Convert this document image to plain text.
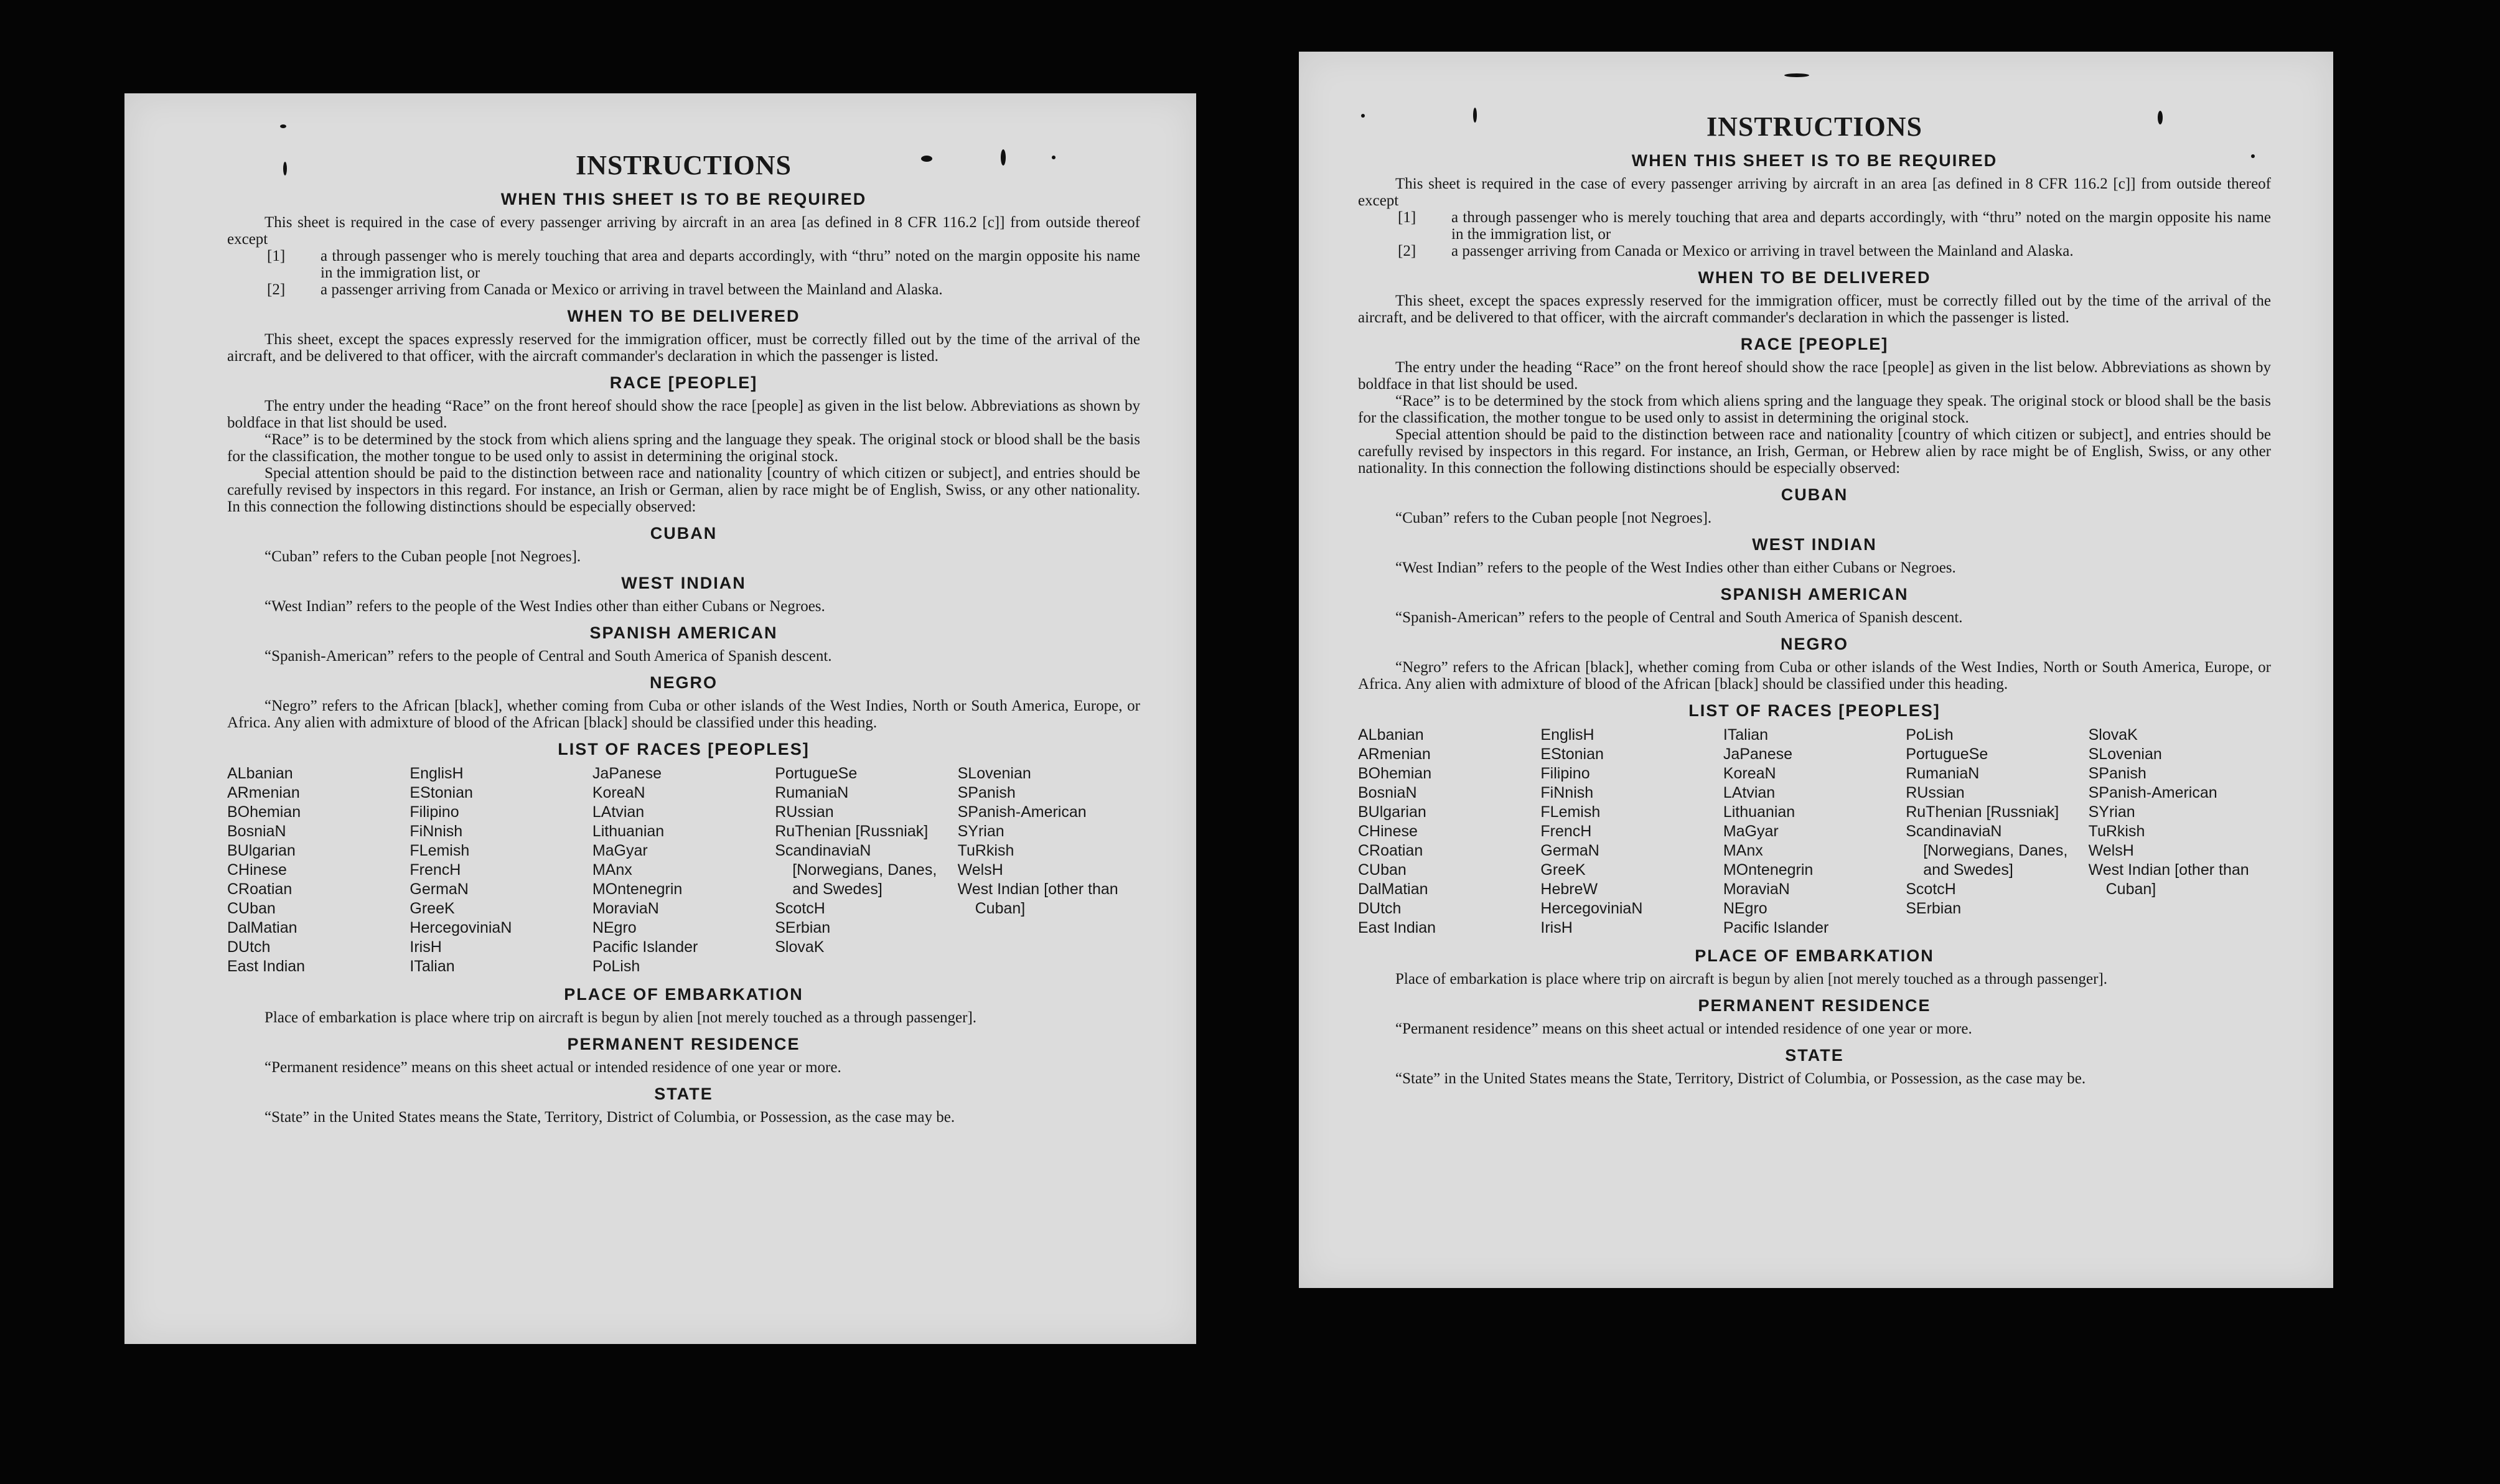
INSTRUCTIONS
WHEN THIS SHEET IS TO BE REQUIRED

This sheet is required in the case of every passenger arriving by aircraft in an area [as defined in 8 CFR 116.2 [c]] from outside thereof except

[1] a through passenger who is merely touching that area and departs accordingly, with “thru” noted on the margin opposite his name in the immigration list, or
[2] a passenger arriving from Canada or Mexico or arriving in travel between the Mainland and Alaska.
WHEN TO BE DELIVERED

This sheet, except the spaces expressly reserved for the immigration officer, must be correctly filled out by the time of the arrival of the aircraft, and be delivered to that officer, with the aircraft commander's declaration in which the passenger is listed.

RACE [PEOPLE]

The entry under the heading “Race” on the front hereof should show the race [people] as given in the list below. Abbreviations as shown by boldface in that list should be used.

“Race” is to be determined by the stock from which aliens spring and the language they speak. The original stock or blood shall be the basis for the classification, the mother tongue to be used only to assist in determining the original stock.

Special attention should be paid to the distinction between race and nationality [country of which citizen or subject], and entries should be carefully revised by inspectors in this regard. For instance, an Irish or German, alien by race might be of English, Swiss, or any other nationality. In this connection the following distinctions should be especially observed:

CUBAN

“Cuban” refers to the Cuban people [not Negroes].

WEST INDIAN

“West Indian” refers to the people of the West Indies other than either Cubans or Negroes.

SPANISH AMERICAN

“Spanish-American” refers to the people of Central and South America of Spanish descent.

NEGRO

“Negro” refers to the African [black], whether coming from Cuba or other islands of the West Indies, North or South America, Europe, or Africa. Any alien with admixture of blood of the African [black] should be classified under this heading.

LIST OF RACES [PEOPLES]
ALbanian
ARmenian
BOhemian
BosniaN
BUlgarian
CHinese
CRoatian
CUban
DalMatian
DUtch
East Indian
EnglisH
EStonian
Filipino
FiNnish
FLemish
FrencH
GermaN
GreeK
HercegoviniaN
IrisH
ITalian
JaPanese
KoreaN
LAtvian
Lithuanian
MaGyar
MAnx
MOntenegrin
MoraviaN
NEgro
Pacific Islander
PoLish
PortugueSe
RumaniaN
RUssian
RuThenian [Russniak]
ScandinaviaN [Norwegians, Danes, and Swedes]
ScotcH
SErbian
SlovaK
SLovenian
SPanish
SPanish-American
SYrian
TuRkish
WelsH
West Indian [other than Cuban]
PLACE OF EMBARKATION

Place of embarkation is place where trip on aircraft is begun by alien [not merely touched as a through passenger].

PERMANENT RESIDENCE

“Permanent residence” means on this sheet actual or intended residence of one year or more.

STATE

“State” in the United States means the State, Territory, District of Columbia, or Possession, as the case may be.

INSTRUCTIONS
WHEN THIS SHEET IS TO BE REQUIRED

This sheet is required in the case of every passenger arriving by aircraft in an area [as defined in 8 CFR 116.2 [c]] from outside thereof except

[1] a through passenger who is merely touching that area and departs accordingly, with “thru” noted on the margin opposite his name in the immigration list, or
[2] a passenger arriving from Canada or Mexico or arriving in travel between the Mainland and Alaska.
WHEN TO BE DELIVERED

This sheet, except the spaces expressly reserved for the immigration officer, must be correctly filled out by the time of the arrival of the aircraft, and be delivered to that officer, with the aircraft commander's declaration in which the passenger is listed.

RACE [PEOPLE]

The entry under the heading “Race” on the front hereof should show the race [people] as given in the list below. Abbreviations as shown by boldface in that list should be used.

“Race” is to be determined by the stock from which aliens spring and the language they speak. The original stock or blood shall be the basis for the classification, the mother tongue to be used only to assist in determining the original stock.

Special attention should be paid to the distinction between race and nationality [country of which citizen or subject], and entries should be carefully revised by inspectors in this regard. For instance, an Irish, German, or Hebrew alien by race might be of English, Swiss, or any other nationality. In this connection the following distinctions should be especially observed:

CUBAN

“Cuban” refers to the Cuban people [not Negroes].

WEST INDIAN

“West Indian” refers to the people of the West Indies other than either Cubans or Negroes.

SPANISH AMERICAN

“Spanish-American” refers to the people of Central and South America of Spanish descent.

NEGRO

“Negro” refers to the African [black], whether coming from Cuba or other islands of the West Indies, North or South America, Europe, or Africa. Any alien with admixture of blood of the African [black] should be classified under this heading.

LIST OF RACES [PEOPLES]
ALbanian
ARmenian
BOhemian
BosniaN
BUlgarian
CHinese
CRoatian
CUban
DalMatian
DUtch
East Indian
EnglisH
EStonian
Filipino
FiNnish
FLemish
FrencH
GermaN
GreeK
HebreW
HercegoviniaN
IrisH
ITalian
JaPanese
KoreaN
LAtvian
Lithuanian
MaGyar
MAnx
MOntenegrin
MoraviaN
NEgro
Pacific Islander
PoLish
PortugueSe
RumaniaN
RUssian
RuThenian [Russniak]
ScandinaviaN [Norwegians, Danes, and Swedes]
ScotcH
SErbian
SlovaK
SLovenian
SPanish
SPanish-American
SYrian
TuRkish
WelsH
West Indian [other than Cuban]
PLACE OF EMBARKATION

Place of embarkation is place where trip on aircraft is begun by alien [not merely touched as a through passenger].

PERMANENT RESIDENCE

“Permanent residence” means on this sheet actual or intended residence of one year or more.

STATE

“State” in the United States means the State, Territory, District of Columbia, or Possession, as the case may be.
